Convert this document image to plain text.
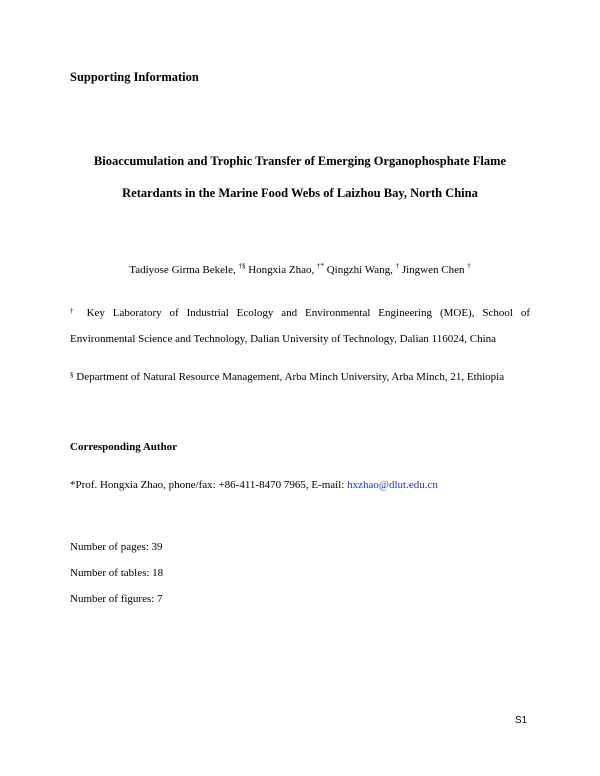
Supporting Information
Bioaccumulation and Trophic Transfer of Emerging Organophosphate Flame
Retardants in the Marine Food Webs of Laizhou Bay, North China
Tadiyose Girma Bekele, †§ Hongxia Zhao, †* Qingzhi Wang, † Jingwen Chen †
† Key Laboratory of Industrial Ecology and Environmental Engineering (MOE), School of
Environmental Science and Technology, Dalian University of Technology, Dalian 116024, China
§ Department of Natural Resource Management, Arba Minch University, Arba Minch, 21, Ethiopia
Corresponding Author
*Prof. Hongxia Zhao, phone/fax: +86-411-8470 7965, E-mail: hxzhao@dlut.edu.cn
Number of pages: 39
Number of tables: 18
Number of figures: 7
S1
